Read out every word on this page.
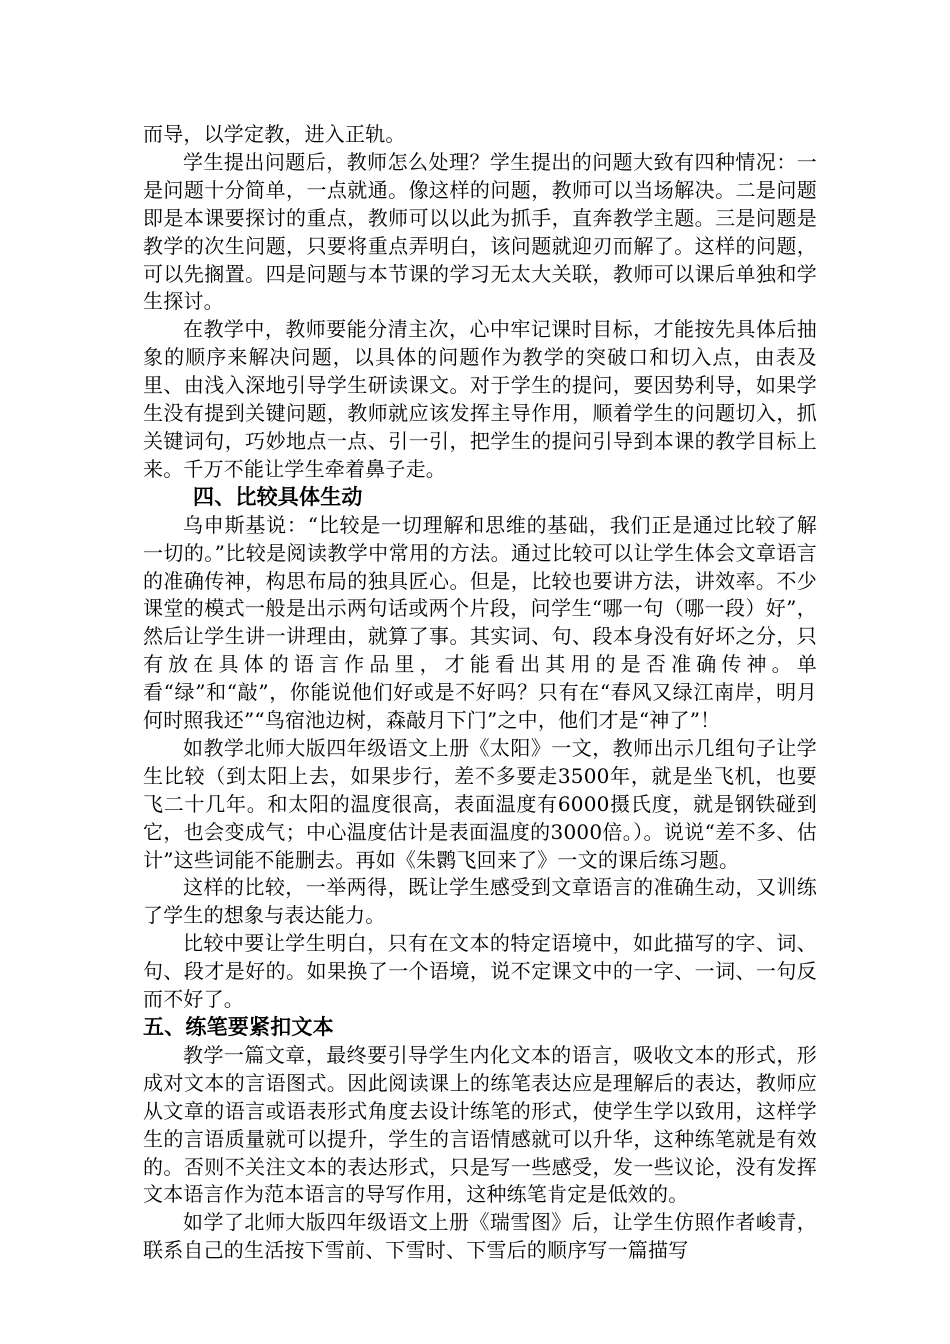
而导，以学定教，进入正轨。

学生提出问题后，教师怎么处理？学生提出的问题大致有四种情况：一是问题十分简单，一点就通。像这样的问题，教师可以当场解决。二是问题即是本课要探讨的重点，教师可以以此为抓手，直奔教学主题。三是问题是教学的次生问题，只要将重点弄明白，该问题就迎刃而解了。这样的问题，可以先搁置。四是问题与本节课的学习无太大关联，教师可以课后单独和学生探讨。

在教学中，教师要能分清主次，心中牢记课时目标，才能按先具体后抽象的顺序来解决问题，以具体的问题作为教学的突破口和切入点，由表及里、由浅入深地引导学生研读课文。对于学生的提问，要因势利导，如果学生没有提到关键问题，教师就应该发挥主导作用，顺着学生的问题切入，抓关键词句，巧妙地点一点、引一引，把学生的提问引导到本课的教学目标上来。千万不能让学生牵着鼻子走。

四、比较具体生动

乌申斯基说：“比较是一切理解和思维的基础，我们正是通过比较了解一切的。”比较是阅读教学中常用的方法。通过比较可以让学生体会文章语言的准确传神，构思布局的独具匠心。但是，比较也要讲方法，讲效率。不少课堂的模式一般是出示两句话或两个片段，问学生“哪一句（哪一段）好”，然后让学生讲一讲理由，就算了事。其实词、句、段本身没有好坏之分，只有放在具体的语言作品里，才能看出其用的是否准确传神。单看“绿”和“敲”，你能说他们好或是不好吗？只有在“春风又绿江南岸，明月何时照我还”“鸟宿池边树，森敲月下门”之中，他们才是“神了”！

如教学北师大版四年级语文上册《太阳》一文，教师出示几组句子让学生比较（到太阳上去，如果步行，差不多要走3500年，就是坐飞机，也要飞二十几年。和太阳的温度很高，表面温度有6000摄氏度，就是钢铁碰到它，也会变成气；中心温度估计是表面温度的3000倍。）。说说“差不多、估计”这些词能不能删去。再如《朱鹮飞回来了》一文的课后练习题。

这样的比较，一举两得，既让学生感受到文章语言的准确生动，又训练了学生的想象与表达能力。

比较中要让学生明白，只有在文本的特定语境中，如此描写的字、词、句、段才是好的。如果换了一个语境，说不定课文中的一字、一词、一句反而不好了。

五、练笔要紧扣文本

教学一篇文章，最终要引导学生内化文本的语言，吸收文本的形式，形成对文本的言语图式。因此阅读课上的练笔表达应是理解后的表达，教师应从文章的语言或语表形式角度去设计练笔的形式，使学生学以致用，这样学生的言语质量就可以提升，学生的言语情感就可以升华，这种练笔就是有效的。否则不关注文本的表达形式，只是写一些感受，发一些议论，没有发挥文本语言作为范本语言的导写作用，这种练笔肯定是低效的。

如学了北师大版四年级语文上册《瑞雪图》后，让学生仿照作者峻青，联系自己的生活按下雪前、下雪时、下雪后的顺序写一篇描写
